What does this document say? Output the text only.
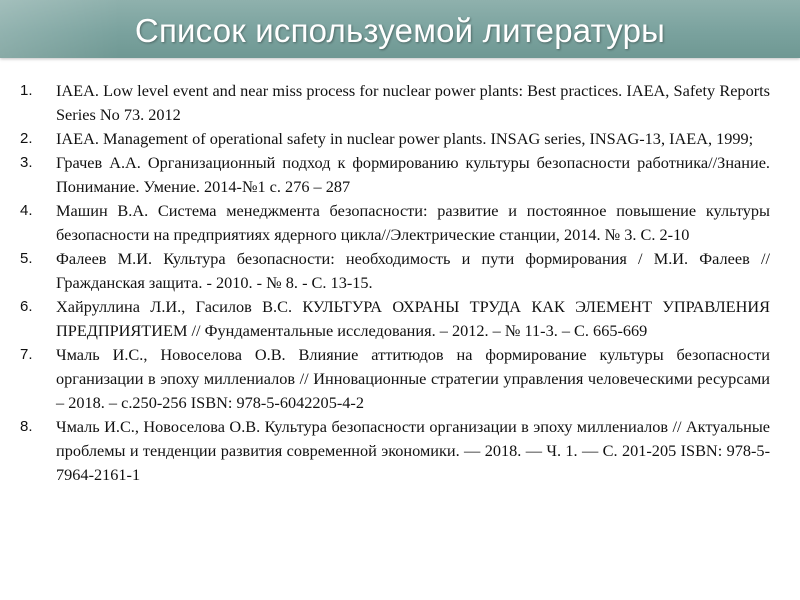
Список используемой литературы
1.	IAEA. Low level event and near miss process for nuclear power plants: Best practices. IAEA, Safety Reports Series No 73. 2012
2.	IAEA. Management of operational safety in nuclear power plants. INSAG series, INSAG-13, IAEA, 1999;
3.	Грачев А.А. Организационный подход к формированию культуры безопасности работника//Знание. Понимание. Умение. 2014-№1 с. 276 – 287
4.	Машин В.А. Система менеджмента безопасности: развитие и постоянное повышение культуры безопасности на предприятиях ядерного цикла//Электрические станции, 2014. № 3. С. 2-10
5.	Фалеев М.И. Культура безопасности: необходимость и пути формирования / М.И. Фалеев // Гражданская защита. - 2010. - № 8. - С. 13-15.
6.	Хайруллина Л.И., Гасилов В.С. КУЛЬТУРА ОХРАНЫ ТРУДА КАК ЭЛЕМЕНТ УПРАВЛЕНИЯ ПРЕДПРИЯТИЕМ // Фундаментальные исследования. – 2012. – № 11-3. – С. 665-669
7.	Чмаль И.С., Новоселова О.В. Влияние аттитюдов на формирование культуры безопасности организации в эпоху миллениалов // Инновационные стратегии управления человеческими ресурсами – 2018. – с.250-256 ISBN: 978-5-6042205-4-2
8.	Чмаль И.С., Новоселова О.В. Культура безопасности организации в эпоху миллениалов // Актуальные проблемы и тенденции развития современной экономики. — 2018. — Ч. 1. — С. 201-205 ISBN: 978-5-7964-2161-1
